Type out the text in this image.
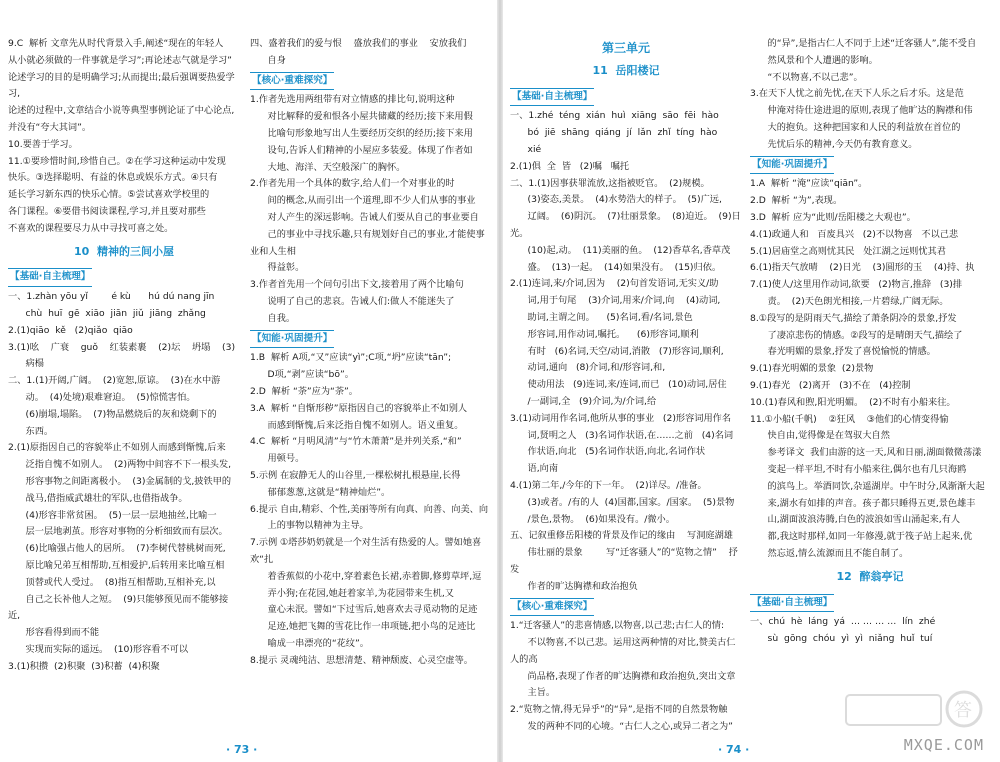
9.C  解析 文章先从时代背景入手,阐述“现在的年轻人

从小就必须做的一件事就是学习”;再论述志气就是学习”

论述学习的目的是明确学习;从而提出;最后强调要热爱学习,

论述的过程中,文章结合小说等典型事例论证了中心论点,

并没有“夸大其词”。

10.要善于学习。

11.①要珍惜时间,珍惜自己。②在学习这种运动中发现

快乐。③选择聪明、有益的休息或娱乐方式。④只有

延长学习新东西的快乐心情。⑤尝试喜欢学校里的

各门课程。⑥要借书阅读课程,学习,并且要对那些

不喜欢的课程要尽力从中寻找可喜之处。

10  精神的三间小屋

【基础·自主梳理】

一、1.zhàn yōu yǐ        é kù      hú dú nang jīn

chù  huī  gē  xiāo  jiān  jiǔ  jiāng  zhǎng

2.(1)qiāo  kě   (2)qiǎo  qiāo

3.(1)吆    广衰    guǒ    红装素裹    (2)坛    坍塌    (3)

病榻

二、1.(1)开阔,广阔。  (2)宽恕,原谅。  (3)在水中游

动。  (4)处境)艰难窘迫。  (5)惊慌害怕。

(6)崩塌,塌陷。  (7)物品燃烧后的灰和烧剩下的

东西。

2.(1)原指因自己的容貌举止不如别人而感到惭愧,后来

泛指自愧不如别人。  (2)两物中间容不下一根头发,

形容事物之间距离极小。  (3)金属制的戈,披铁甲的

战马,借指威武雄壮的军队,也借指战争。

(4)形容非常贫困。  (5)一层一层地抽丝,比喻一

层一层地剥茧。形容对事物的分析细致而有层次。

(6)比喻强占他人的居所。  (7)李树代替桃树而死,

原比喻兄弟互相帮助,互相爱护,后转用来比喻互相

顶替或代人受过。  (8)指互相帮助,互相补充,以

自己之长补他人之短。  (9)只能够预见而不能够接近,

形容看得到而不能

实现而实际的遥远。  (10)形容看不可以

3.(1)积攒  (2)积聚  (3)积蓄  (4)积聚

四、盛着我们的爱与恨    盛放我们的事业    安放我们

自身

【核心·重难探究】

1.作者先选用两组带有对立情感的排比句,说明这种

对比解释的爱和恨各小屋共储藏的经历;接下来用假

比喻句形象地写出人生要经历交织的经历;接下来用

设句,告诉人们精神的小屋应多装爱。体现了作者如

大地、海洋、天空般深广的胸怀。

2.作者先用一个具体的数字,给人们一个对事业的时

间的概念,从而引出一个道理,即不少人们从事的事业

对人产生的深远影响。告诫人们要从自己的事业要自

己的事业中寻找乐趣,只有规划好自己的事业,才能使事业和人生相

得益彰。

3.作者首先用一个问句引出下文,接着用了两个比喻句

说明了自己的悲哀。告诫人们:做人不能迷失了

自我。

【知能·巩固提升】

1.B  解析 A项,“又”应读“yì”;C项,“坍”应读“tān”;

D项,“剥”应读“bō”。

2.D  解析 “荼”应为“荼”。

3.A  解析 “自惭形秽”原指因自己的容貌举止不如别人

而感到惭愧,后来泛指自愧不如别人。语义重复。

4.C  解析 “月明风清”与“竹木萧萧”是并列关系,“和”

用顿号。

5.示例 在寂静无人的山谷里,一棵松树扎根悬崖,长得

郁郁葱葱,这就是“精神灿烂”。

6.提示 自由,精彩、个性,美丽等所有向真、向善、向美、向

上的事物以精神为主导。

7.示例 ①塔莎奶奶就是一个对生活有热爱的人。譬如她喜欢“扎

着香蕉似的小花中,穿着素色长裙,赤着脚,修剪草坪,逗

弄小狗;在花园,她赶着家羊,为花园带来生机,又

童心未泯。譬如“下过雪后,她喜欢去寻觅动物的足迹

足迹,她把飞舞的雪花比作一串项链,把小鸟的足迹比

喻成一串漂亮的“花纹”。

8.提示 灵魂纯洁、思想清楚、精神颓废、心灵空虚等。

· 73 ·

第三单元

11  岳阳楼记

【基础·自主梳理】

一、1.zhé  téng  xián  huì  xiāng  sāo  fēi  hào

bó  jiē  shāng  qiáng  jí  lǎn  zhǐ  tíng  hào

xié

2.(1)俱  全  皆   (2)嘱   嘱托

二、1.(1)因事获罪流放,这指被贬官。  (2)规模。

(3)姿态,美景。  (4)水势浩大的样子。  (5)广远,

辽阔。  (6)阴沉。  (7)壮丽景象。  (8)迫近。  (9)日光。

(10)起,动。  (11)美丽的鱼。  (12)香草名,香草茂

盛。  (13)一起。  (14)如果没有。  (15)归依。

2.(1)连词,来/介词,因为    (2)句首发语词,无实义/助

词,用于句尾    (3)介词,用来/介词,向    (4)动词,

助词,主谓之间。    (5)名词,看/名词,景色

形容词,用作动词,嘱托。    (6)形容词,顺利

有时   (6)名词,天空/动词,消散   (7)形容词,顺利,

动词,通向   (8)介词,和/形容词,和,

使动用法   (9)连词,来/连词,而已   (10)动词,居住

/一副词,全   (9)介词,为/介词,给

3.(1)动词用作名词,他所从事的事业   (2)形容词用作名

词,贤明之人   (3)名词作状语,在……之前   (4)名词

作状语,向北   (5)名词作状语,向北,名词作状

语,向南

4.(1)第二年,/今年的下一年。  (2)详尽。/准备。

(3)或者。/有的人  (4)国都,国家。/国家。  (5)景物

/景色,景物。  (6)如果没有。/微小。

五、记叙重修岳阳楼的背景及作记的缘由    写洞庭湖雄

伟壮丽的景象        写“迁客骚人”的“览物之情”    抒发

作者的旷达胸襟和政治抱负

【核心·重难探究】

1.“迁客骚人”的悲喜情感,以物喜,以己悲;古仁人的情:

不以物喜,不以己悲。运用这两种情的对比,赞美古仁人的高

尚品格,表现了作者的旷达胸襟和政治抱负,突出文章

主旨。

2.“览物之情,得无异乎”的“异”,是指不同的自然景物触

发的两种不同的心境。“古仁人之心,或异二者之为”

的“异”,是指古仁人不同于上述“迁客骚人”,能不受自

然风景和个人遭遇的影响。

“不以物喜,不以己悲”。

3.在天下人忧之前先忧,在天下人乐之后才乐。这是范

仲淹对待仕途进退的原则,表现了他旷达的胸襟和伟

大的抱负。这种把国家和人民的利益放在首位的

先忧后乐的精神,今天仍有教育意义。

【知能·巩固提升】

1.A  解析 “淹”应读“qiān”。

2.D  解析 “为”,表现。

3.D  解析 应为“此则/岳阳楼之大观也”。

4.(1)政通人和   百废具兴   (2)不以物喜   不以己悲

5.(1)居庙堂之高则忧其民   处江湖之远则忧其君

6.(1)指天气放晴    (2)日光    (3)圆形的玉    (4)持、执

7.(1)使人/这里用作动词,欲要   (2)物言,推辞   (3)排

责。  (2)天色朗光相接,一片碧绿,广阔无际。

8.①段写的是阴雨天气,描绘了萧条阴冷的景象,抒发

了凄凉悲伤的情感。②段写的是晴朗天气,描绘了

春光明媚的景象,抒发了喜悦愉悦的情感。

9.(1)春光明媚的景象  (2)景物

9.(1)春光   (2)离开   (3)不在   (4)控制

10.(1)春风和煦,阳光明媚。  (2)不时有小船来往。

11.①小船(千帆)    ②狂风    ③他们的心情变得愉

快自由,觉得像是在驾驭大自然

参考译文  我们由游的这一天,风和日丽,湖面微微荡漾

变起一样平坦,不时有小船来往,偶尔也有几只海鸥

的滨鸟上。举酒同饮,杂遥湖岸。中午时分,风渐渐大起

来,湖水有如排的声音。孩子都只睡得五更,景色雄丰

山,湖面波浪涛腾,白色的波浪如雪山涌起来,有人

都,我这时那样,如同一年修漫,就于筏子站上起来,优

然忘返,情么流源而且不能自制了。

12  醉翁亭记

【基础·自主梳理】

一、chú  hè  láng  yá  … … … …  lín  zhé

sù  gōng  chóu  yì  yì  niǎng  huǐ  tuí

· 74 ·
答
MXQE.COM
